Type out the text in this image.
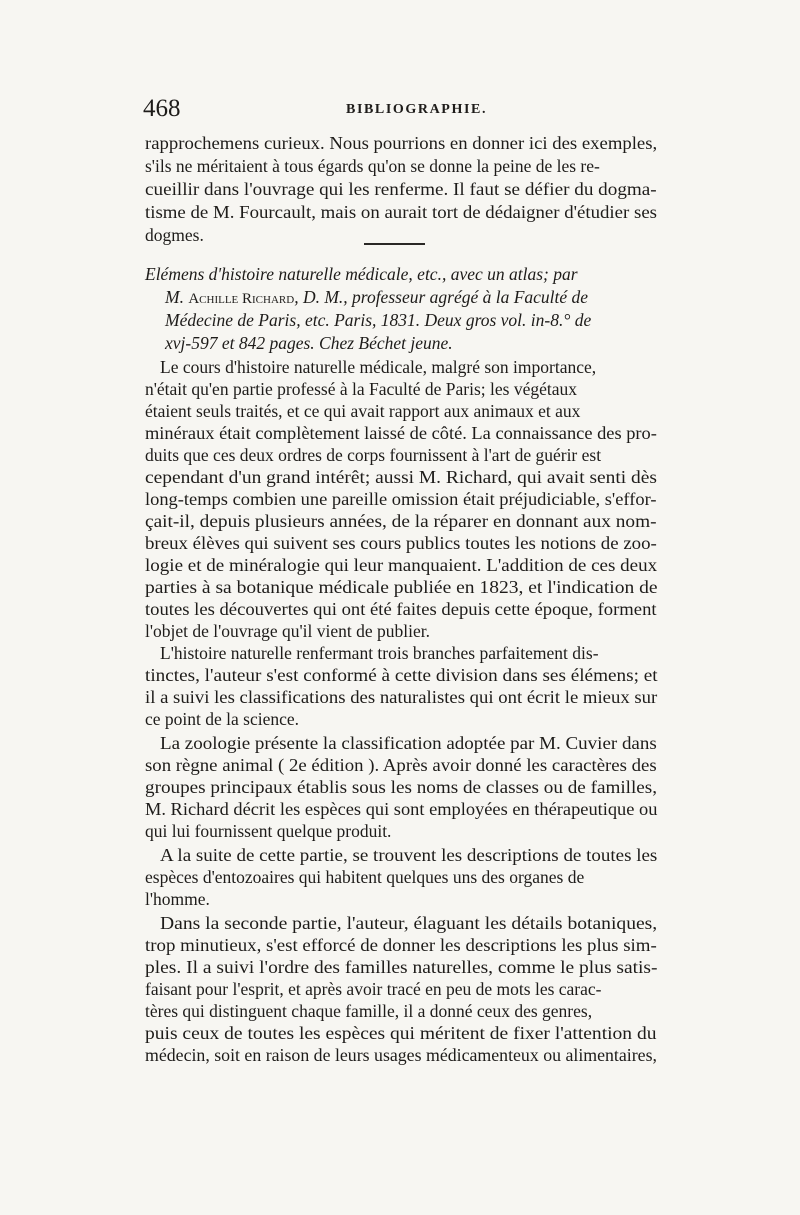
468	BIBLIOGRAPHIE.
rapprochemens curieux. Nous pourrions en donner ici des exemples,
s'ils ne méritaient à tous égards qu'on se donne la peine de les re-
cueillir dans l'ouvrage qui les renferme. Il faut se défier du dogma-
tisme de M. Fourcault, mais on aurait tort de dédaigner d'étudier ses
dogmes.
Elémens d'histoire naturelle médicale, etc., avec un atlas; par
M. Achille Richard, D. M., professeur agrégé à la Faculté de
Médecine de Paris, etc. Paris, 1831. Deux gros vol. in-8.° de
xvj-597 et 842 pages. Chez Béchet jeune.
Le cours d'histoire naturelle médicale, malgré son importance,
n'était qu'en partie professé à la Faculté de Paris; les végétaux
étaient seuls traités, et ce qui avait rapport aux animaux et aux
minéraux était complètement laissé de côté. La connaissance des pro-
duits que ces deux ordres de corps fournissent à l'art de guérir est
cependant d'un grand intérêt; aussi M. Richard, qui avait senti dès
long-temps combien une pareille omission était préjudiciable, s'effor-
çait-il, depuis plusieurs années, de la réparer en donnant aux nom-
breux élèves qui suivent ses cours publics toutes les notions de zoo-
logie et de minéralogie qui leur manquaient. L'addition de ces deux
parties à sa botanique médicale publiée en 1823, et l'indication de
toutes les découvertes qui ont été faites depuis cette époque, forment
l'objet de l'ouvrage qu'il vient de publier.
L'histoire naturelle renfermant trois branches parfaitement dis-
tinctes, l'auteur s'est conformé à cette division dans ses élémens; et
il a suivi les classifications des naturalistes qui ont écrit le mieux sur
ce point de la science.
La zoologie présente la classification adoptée par M. Cuvier dans
son règne animal ( 2e édition ). Après avoir donné les caractères des
groupes principaux établis sous les noms de classes ou de familles,
M. Richard décrit les espèces qui sont employées en thérapeutique ou
qui lui fournissent quelque produit.
A la suite de cette partie, se trouvent les descriptions de toutes les
espèces d'entozoaires qui habitent quelques uns des organes de
l'homme.
Dans la seconde partie, l'auteur, élaguant les détails botaniques,
trop minutieux, s'est efforcé de donner les descriptions les plus sim-
ples. Il a suivi l'ordre des familles naturelles, comme le plus satis-
faisant pour l'esprit, et après avoir tracé en peu de mots les carac-
tères qui distinguent chaque famille, il a donné ceux des genres,
puis ceux de toutes les espèces qui méritent de fixer l'attention du
médecin, soit en raison de leurs usages médicamenteux ou alimentaires,
